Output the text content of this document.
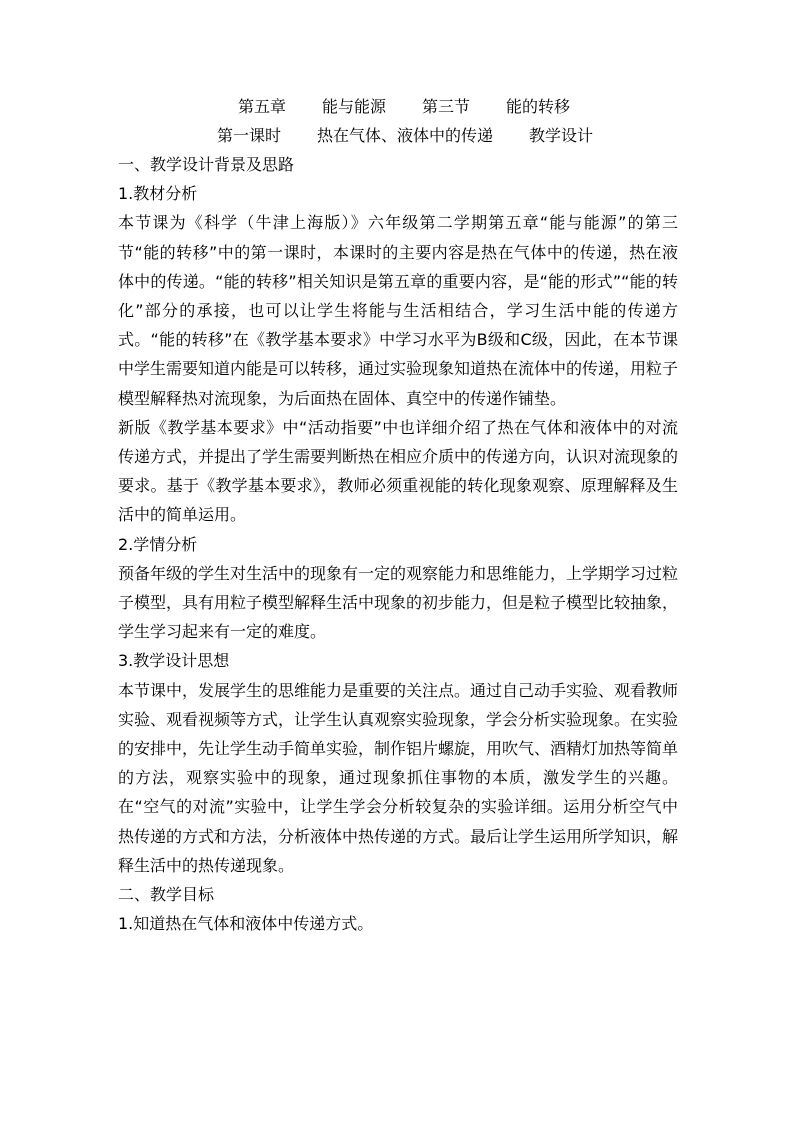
第五章 能与能源 第三节 能的转移
第一课时 热在气体、液体中的传递 教学设计
一、教学设计背景及思路
1.教材分析

本节课为《科学（牛津上海版）》六年级第二学期第五章“能与能源”的第三节“能的转移”中的第一课时，本课时的主要内容是热在气体中的传递，热在液体中的传递。“能的转移”相关知识是第五章的重要内容，是“能的形式”“能的转化”部分的承接，也可以让学生将能与生活相结合，学习生活中能的传递方式。“能的转移”在《教学基本要求》中学习水平为B级和C级，因此，在本节课中学生需要知道内能是可以转移，通过实验现象知道热在流体中的传递，用粒子模型解释热对流现象，为后面热在固体、真空中的传递作铺垫。

新版《教学基本要求》中“活动指要”中也详细介绍了热在气体和液体中的对流传递方式，并提出了学生需要判断热在相应介质中的传递方向，认识对流现象的要求。基于《教学基本要求》，教师必须重视能的转化现象观察、原理解释及生活中的简单运用。

2.学情分析

预备年级的学生对生活中的现象有一定的观察能力和思维能力，上学期学习过粒子模型，具有用粒子模型解释生活中现象的初步能力，但是粒子模型比较抽象，学生学习起来有一定的难度。

3.教学设计思想

本节课中，发展学生的思维能力是重要的关注点。通过自己动手实验、观看教师实验、观看视频等方式，让学生认真观察实验现象，学会分析实验现象。在实验的安排中，先让学生动手简单实验，制作铝片螺旋，用吹气、酒精灯加热等简单的方法，观察实验中的现象，通过现象抓住事物的本质，激发学生的兴趣。在“空气的对流”实验中，让学生学会分析较复杂的实验详细。运用分析空气中热传递的方式和方法，分析液体中热传递的方式。最后让学生运用所学知识，解释生活中的热传递现象。

二、教学目标
1.知道热在气体和液体中传递方式。
